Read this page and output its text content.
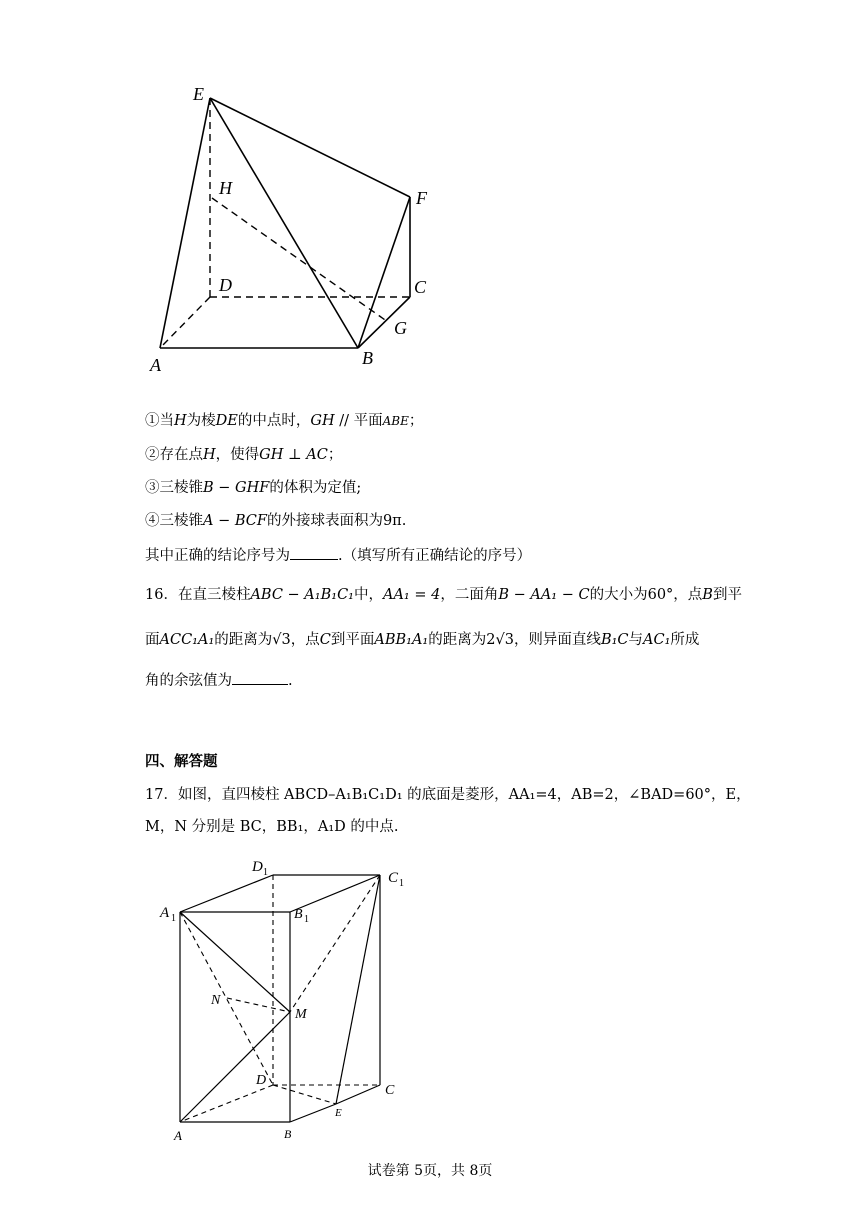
E
H	F
D	C
G
A	B
①当H为棱DE的中点时，GH // 平面ABE；
②存在点H，使得GH ⊥ AC；
③三棱锥B − GHF的体积为定值;
④三棱锥A − BCF的外接球表面积为9π.
其中正确的结论序号为	.（填写所有正确结论的序号）
16．在直三棱柱ABC − A₁B₁C₁中，AA₁ = 4，二面角B − AA₁ − C的大小为60°，点B到平
面ACC₁A₁的距离为√3，点C到平面ABB₁A₁的距离为2√3，则异面直线B₁C与AC₁所成
角的余弦值为	.
四、解答题
17．如图，直四棱柱 ABCD–A₁B₁C₁D₁ 的底面是菱形，AA₁=4，AB=2，∠BAD=60°，E，
M，N 分别是 BC，BB₁，A₁D 的中点.
D 1	C 1
A 1	B 1
N
M
D
C
A	B
E
试卷第 5页，共 8页
